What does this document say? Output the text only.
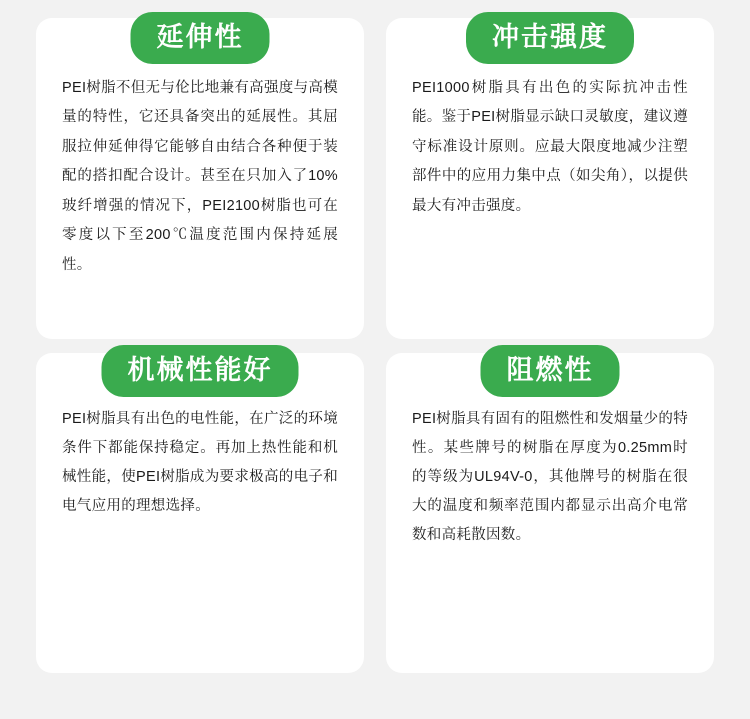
延伸性
PEI树脂不但无与伦比地兼有高强度与高模量的特性，它还具备突出的延展性。其屈服拉伸延伸得它能够自由结合各种便于装配的搭扣配合设计。甚至在只加入了10%玻纤增强的情况下，PEI2100树脂也可在零度以下至200℃温度范围内保持延展性。
冲击强度
PEI1000树脂具有出色的实际抗冲击性能。鉴于PEI树脂显示缺口灵敏度，建议遵守标准设计原则。应最大限度地减少注塑部件中的应用力集中点（如尖角），以提供最大有冲击强度。
机械性能好
PEI树脂具有出色的电性能，在广泛的环境条件下都能保持稳定。再加上热性能和机械性能，使PEI树脂成为要求极高的电子和电气应用的理想选择。
阻燃性
PEI树脂具有固有的阻燃性和发烟量少的特性。某些牌号的树脂在厚度为0.25mm时的等级为UL94V-0，其他牌号的树脂在很大的温度和频率范围内都显示出高介电常数和高耗散因数。
